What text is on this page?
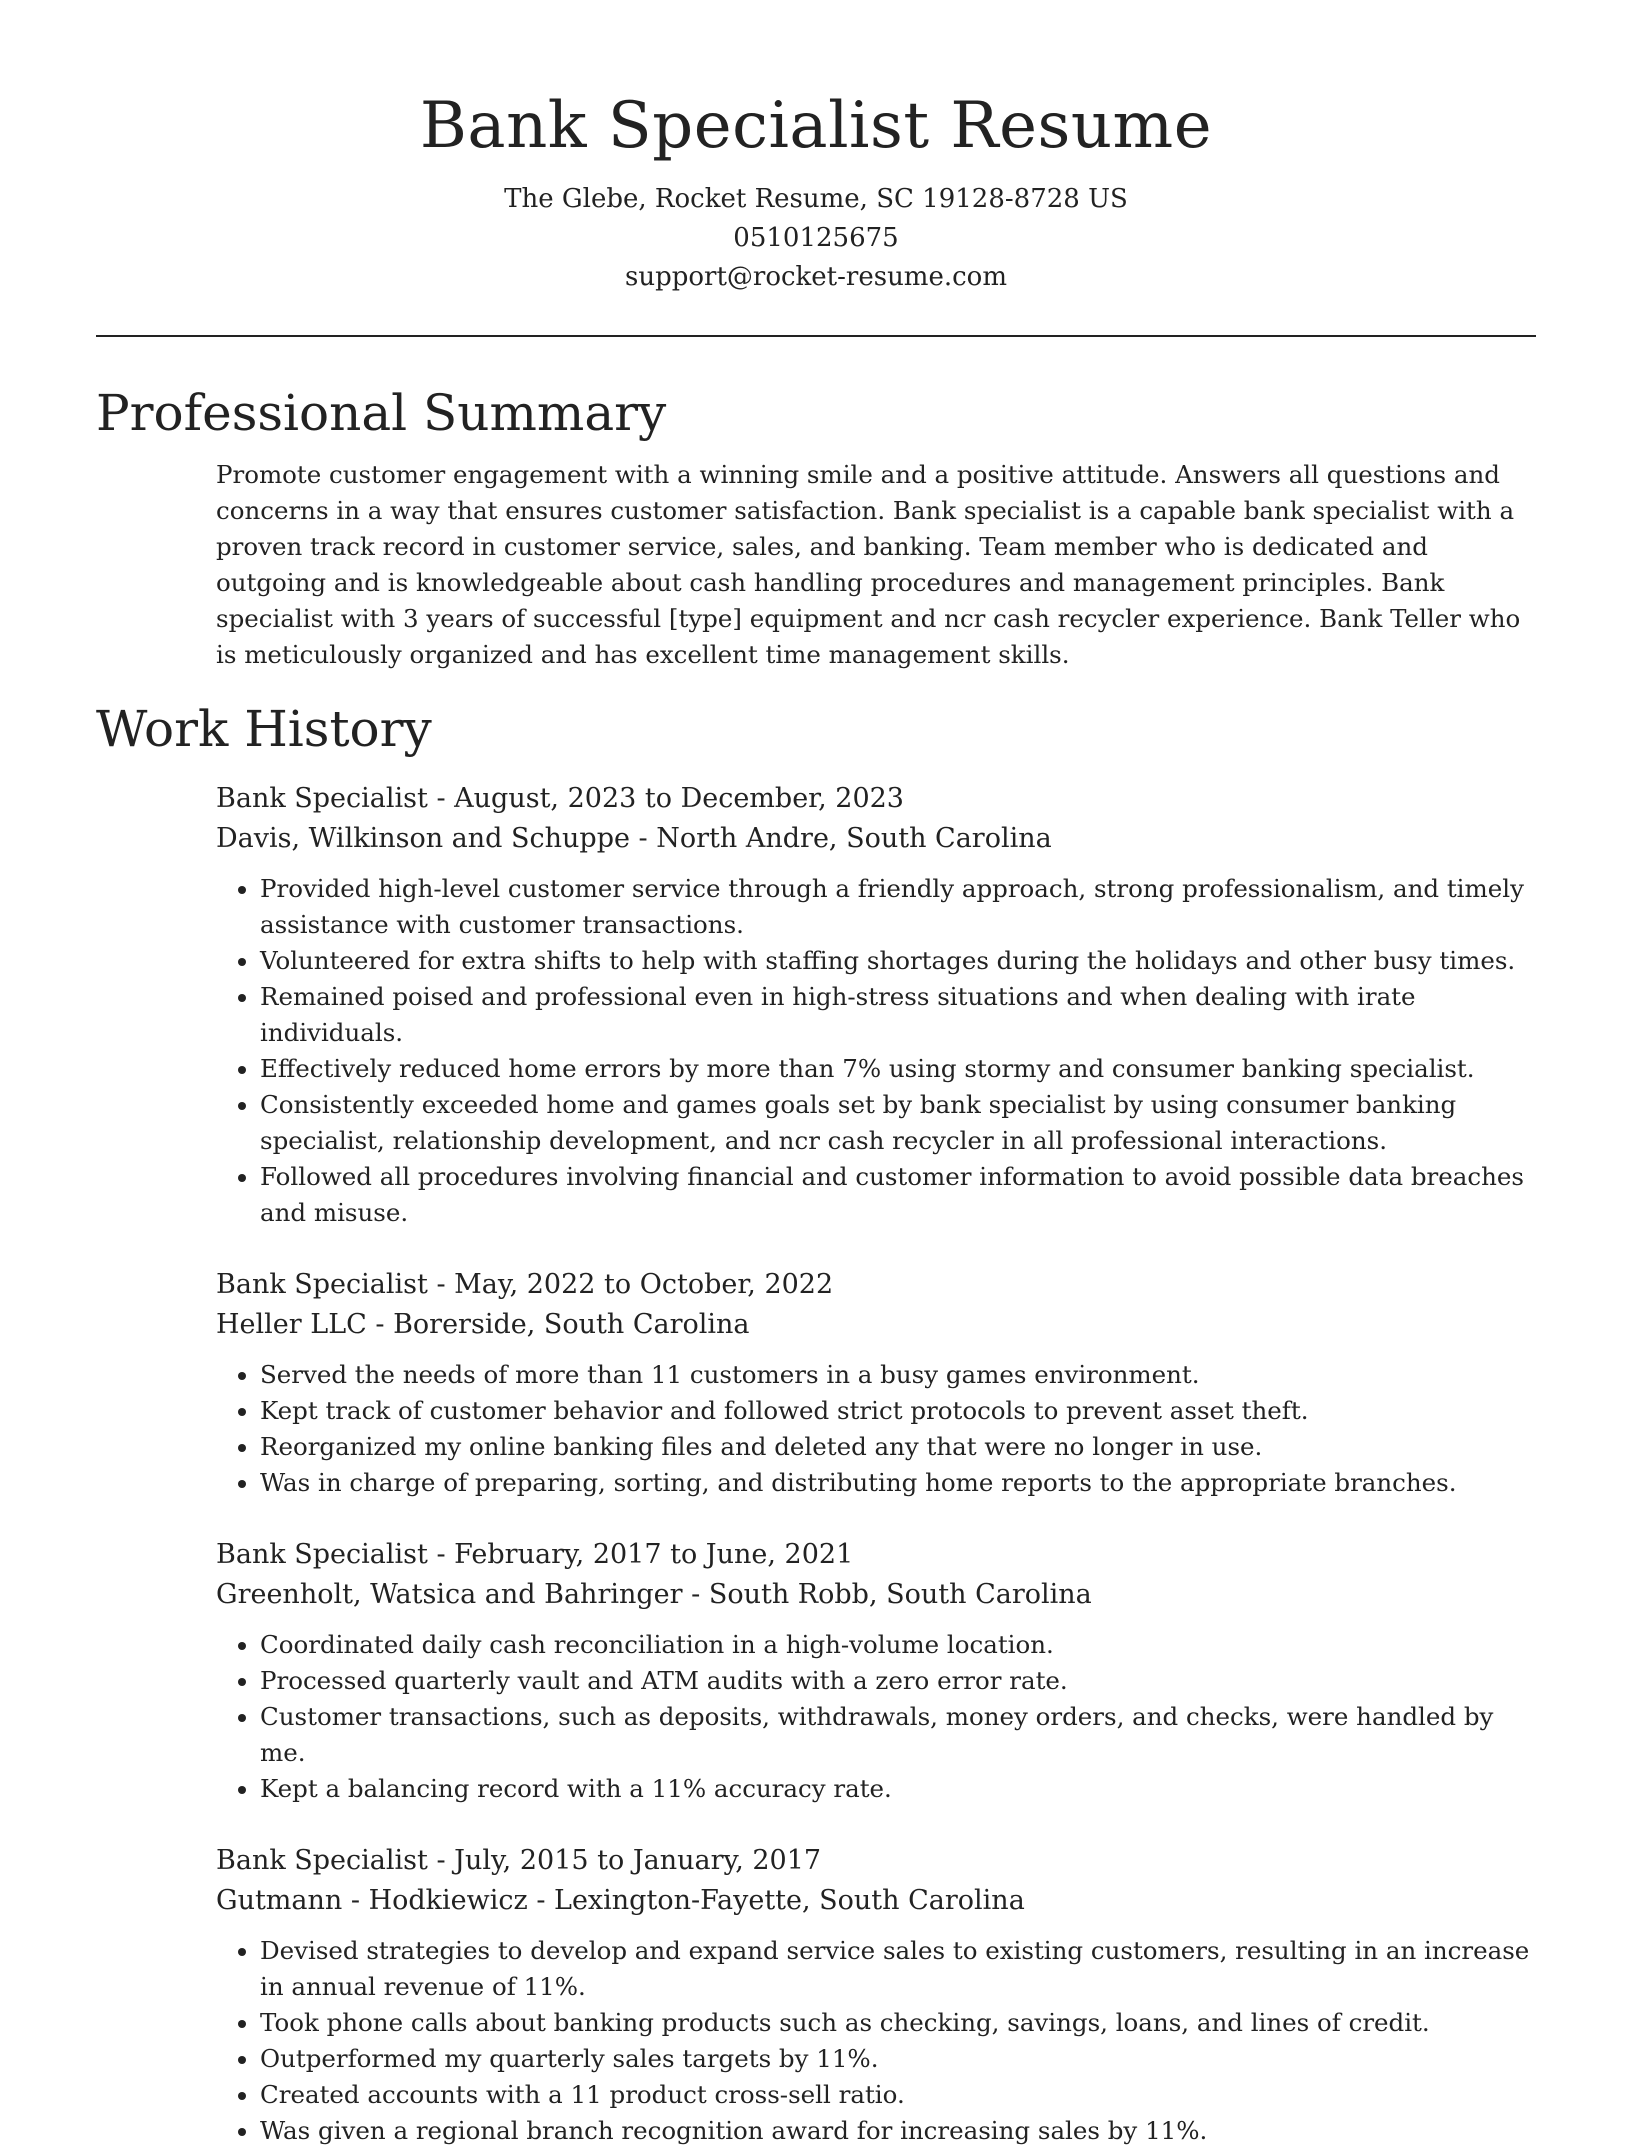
Bank Specialist Resume
The Glebe, Rocket Resume, SC 19128-8728 US
0510125675
support@rocket-resume.com
Professional Summary

Promote customer engagement with a winning smile and a positive attitude. Answers all questions and concerns in a way that ensures customer satisfaction. Bank specialist is a capable bank specialist with a proven track record in customer service, sales, and banking. Team member who is dedicated and outgoing and is knowledgeable about cash handling procedures and management principles. Bank specialist with 3 years of successful [type] equipment and ncr cash recycler experience. Bank Teller who is meticulously organized and has excellent time management skills.

Work History
Bank Specialist - August, 2023 to December, 2023
Davis, Wilkinson and Schuppe - North Andre, South Carolina
• Provided high-level customer service through a friendly approach, strong professionalism, and timely assistance with customer transactions.
• Volunteered for extra shifts to help with staffing shortages during the holidays and other busy times.
• Remained poised and professional even in high-stress situations and when dealing with irate individuals.
• Effectively reduced home errors by more than 7% using stormy and consumer banking specialist.
• Consistently exceeded home and games goals set by bank specialist by using consumer banking specialist, relationship development, and ncr cash recycler in all professional interactions.
• Followed all procedures involving financial and customer information to avoid possible data breaches and misuse.
Bank Specialist - May, 2022 to October, 2022
Heller LLC - Borerside, South Carolina
• Served the needs of more than 11 customers in a busy games environment.
• Kept track of customer behavior and followed strict protocols to prevent asset theft.
• Reorganized my online banking files and deleted any that were no longer in use.
• Was in charge of preparing, sorting, and distributing home reports to the appropriate branches.
Bank Specialist - February, 2017 to June, 2021
Greenholt, Watsica and Bahringer - South Robb, South Carolina
• Coordinated daily cash reconciliation in a high-volume location.
• Processed quarterly vault and ATM audits with a zero error rate.
• Customer transactions, such as deposits, withdrawals, money orders, and checks, were handled by me.
• Kept a balancing record with a 11% accuracy rate.
Bank Specialist - July, 2015 to January, 2017
Gutmann - Hodkiewicz - Lexington-Fayette, South Carolina
• Devised strategies to develop and expand service sales to existing customers, resulting in an increase in annual revenue of 11%.
• Took phone calls about banking products such as checking, savings, loans, and lines of credit.
• Outperformed my quarterly sales targets by 11%.
• Created accounts with a 11 product cross-sell ratio.
• Was given a regional branch recognition award for increasing sales by 11%.
